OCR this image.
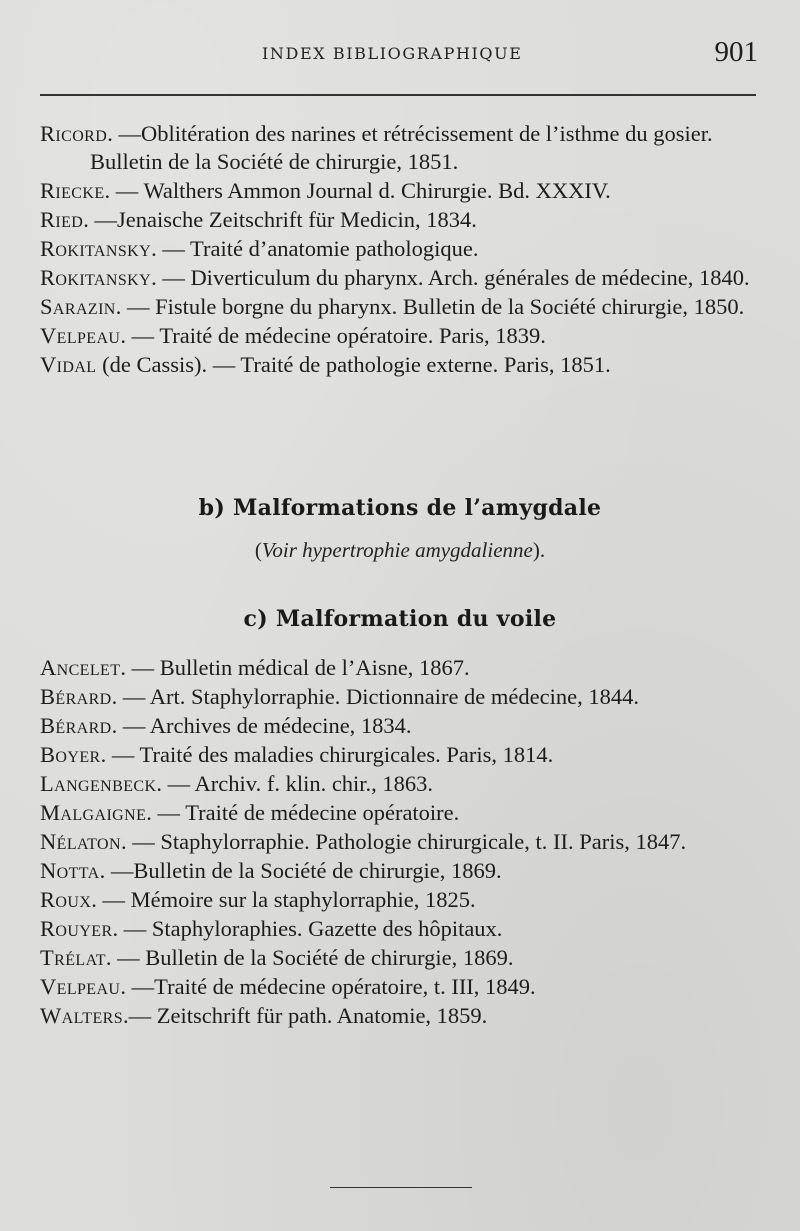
INDEX BIBLIOGRAPHIQUE	901

Ricord. —Oblitération des narines et rétrécissement de l’isthme du gosier. Bulletin de la Société de chirurgie, 1851.

Riecke. — Walthers Ammon Journal d. Chirurgie. Bd. XXXIV.

Ried. —Jenaische Zeitschrift für Medicin, 1834.

Rokitansky. — Traité d’anatomie pathologique.

Rokitansky. — Diverticulum du pharynx. Arch. générales de médecine, 1840.

Sarazin. — Fistule borgne du pharynx. Bulletin de la Société chirurgie, 1850.

Velpeau. — Traité de médecine opératoire. Paris, 1839.

Vidal (de Cassis). — Traité de pathologie externe. Paris, 1851.

b) Malformations de l’amygdale
(Voir hypertrophie amygdalienne).
c) Malformation du voile

Ancelet. — Bulletin médical de l’Aisne, 1867.

Bérard. — Art. Staphylorraphie. Dictionnaire de médecine, 1844.

Bérard. — Archives de médecine, 1834.

Boyer. — Traité des maladies chirurgicales. Paris, 1814.

Langenbeck. — Archiv. f. klin. chir., 1863.

Malgaigne. — Traité de médecine opératoire.

Nélaton. — Staphylorraphie. Pathologie chirurgicale, t. II. Paris, 1847.

Notta. —Bulletin de la Société de chirurgie, 1869.

Roux. — Mémoire sur la staphylorraphie, 1825.

Rouyer. — Staphyloraphies. Gazette des hôpitaux.

Trélat. — Bulletin de la Société de chirurgie, 1869.

Velpeau. —Traité de médecine opératoire, t. III, 1849.

Walters.— Zeitschrift für path. Anatomie, 1859.
